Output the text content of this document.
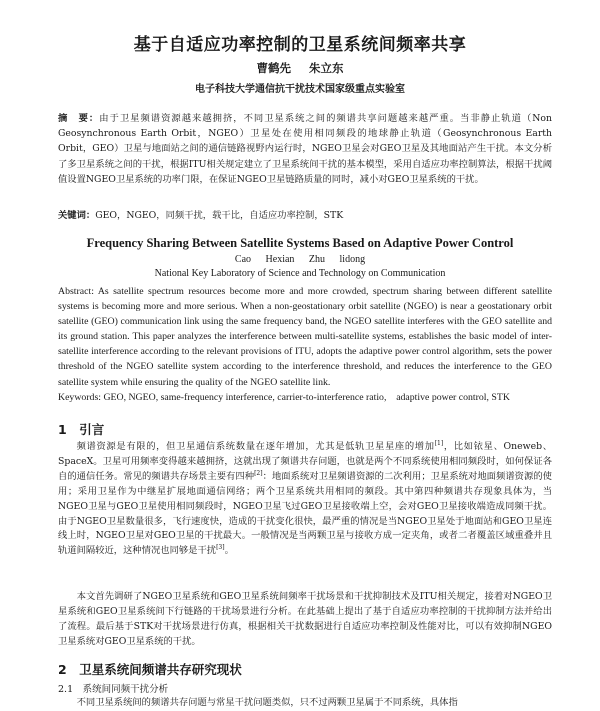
基于自适应功率控制的卫星系统间频率共享
曹鹤先 朱立东
电子科技大学通信抗干扰技术国家级重点实验室
摘　要：由于卫星频谱资源越来越拥挤，不同卫星系统之间的频谱共享问题越来越严重。当非静止轨道（Non Geosynchronous Earth Orbit，NGEO）卫星处在使用相同频段的地球静止轨道（Geosynchronous Earth Orbit，GEO）卫星与地面站之间的通信链路视野内运行时，NGEO卫星会对GEO卫星及其地面站产生干扰。本文分析了多卫星系统之间的干扰，根据ITU相关规定建立了卫星系统间干扰的基本模型，采用自适应功率控制算法，根据干扰阈值设置NGEO卫星系统的功率门限，在保证NGEO卫星链路质量的同时，减小对GEO卫星系统的干扰。
关键词：GEO，NGEO，同频干扰，载干比，自适应功率控制，STK
Frequency Sharing Between Satellite Systems Based on Adaptive Power Control
Cao Hexian Zhu lidong
National Key Laboratory of Science and Technology on Communication
Abstract: As satellite spectrum resources become more and more crowded, spectrum sharing between different satellite systems is becoming more and more serious. When a non-geostationary orbit satellite (NGEO) is near a geostationary orbit satellite (GEO) communication link using the same frequency band, the NGEO satellite interferes with the GEO satellite and its ground station. This paper analyzes the interference between multi-satellite systems, establishes the basic model of inter-satellite interference according to the relevant provisions of ITU, adopts the adaptive power control algorithm, sets the power threshold of the NGEO satellite system according to the interference threshold, and reduces the interference to the GEO satellite system while ensuring the quality of the NGEO satellite link.
Keywords: GEO, NGEO, same-frequency interference, carrier-to-interference ratio,　adaptive power control, STK
1　引言
频谱资源是有限的，但卫星通信系统数量在逐年增加，尤其是低轨卫星星座的增加[1]，比如铱星、Oneweb、SpaceX。卫星可用频率变得越来越拥挤，这就出现了频谱共存问题，也就是两个不同系统使用相同频段时，如何保证各自的通信任务。常见的频谱共存场景主要有四种[2]：地面系统对卫星频谱资源的二次利用；卫星系统对地面频谱资源的使用；采用卫星作为中继星扩展地面通信网络；两个卫星系统共用相同的频段。其中第四种频谱共存现象具体为，当NGEO卫星与GEO卫星使用相同频段时，NGEO卫星飞过GEO卫星接收端上空，会对GEO卫星接收端造成同频干扰。由于NGEO卫星数量很多，飞行速度快，造成的干扰变化很快，最严重的情况是当NGEO卫星处于地面站和GEO卫星连线上时，NGEO卫星对GEO卫星的干扰最大。一般情况是当两颗卫星与接收方成一定夹角，或者二者覆盖区域重叠并且轨道间隔较近，这种情况也同够是干扰[3]。
本文首先调研了NGEO卫星系统和GEO卫星系统间频率干扰场景和干扰抑制技术及ITU相关规定，接着对NGEO卫星系统和GEO卫星系统间下行链路的干扰场景进行分析。在此基础上提出了基于自适应功率控制的干扰抑制方法并给出了流程。最后基于STK对干扰场景进行仿真，根据相关干扰数据进行自适应功率控制及性能对比，可以有效抑制NGEO卫星系统对GEO卫星系统的干扰。
2　卫星系统间频谱共存研究现状
2.1　系统间同频干扰分析
不同卫星系统间的频谱共存问题与常星干扰问题类似，只不过两颗卫星属于不同系统，具体指
